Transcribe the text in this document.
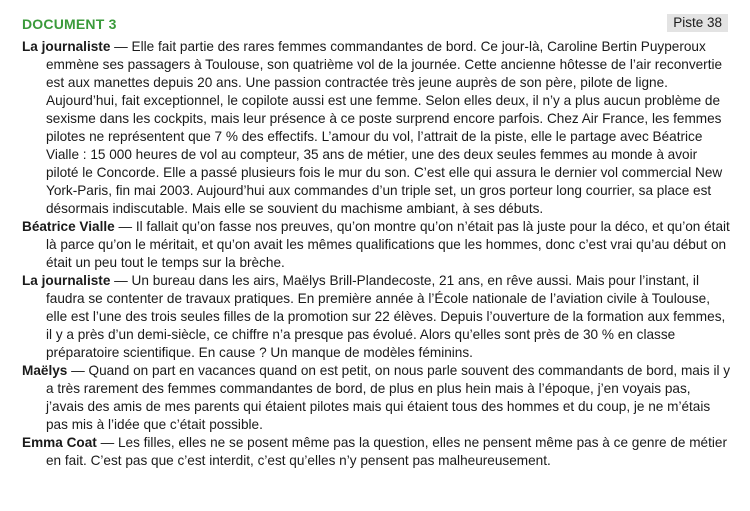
DOCUMENT 3	Piste 38

La journaliste — Elle fait partie des rares femmes commandantes de bord. Ce jour-là, Caroline Bertin Puyperoux emmène ses passagers à Toulouse, son quatrième vol de la journée. Cette ancienne hôtesse de l’air reconvertie est aux manettes depuis 20 ans. Une passion contractée très jeune auprès de son père, pilote de ligne. Aujourd’hui, fait exceptionnel, le copilote aussi est une femme. Selon elles deux, il n’y a plus aucun problème de sexisme dans les cockpits, mais leur présence à ce poste surprend encore parfois. Chez Air France, les femmes pilotes ne représentent que 7 % des effectifs. L’amour du vol, l’attrait de la piste, elle le partage avec Béatrice Vialle : 15 000 heures de vol au compteur, 35 ans de métier, une des deux seules femmes au monde à avoir piloté le Concorde. Elle a passé plusieurs fois le mur du son. C’est elle qui assura le dernier vol commercial New York-Paris, fin mai 2003. Aujourd’hui aux commandes d’un triple set, un gros porteur long courrier, sa place est désormais indiscutable. Mais elle se souvient du machisme ambiant, à ses débuts.

Béatrice Vialle — Il fallait qu’on fasse nos preuves, qu’on montre qu’on n’était pas là juste pour la déco, et qu’on était là parce qu’on le méritait, et qu’on avait les mêmes qualifications que les hommes, donc c’est vrai qu’au début on était un peu tout le temps sur la brèche.

La journaliste — Un bureau dans les airs, Maëlys Brill-Plandecoste, 21 ans, en rêve aussi. Mais pour l’instant, il faudra se contenter de travaux pratiques. En première année à l’École nationale de l’aviation civile à Toulouse, elle est l’une des trois seules filles de la promotion sur 22 élèves. Depuis l’ouverture de la formation aux femmes, il y a près d’un demi-siècle, ce chiffre n’a presque pas évolué. Alors qu’elles sont près de 30 % en classe préparatoire scientifique. En cause ? Un manque de modèles féminins.

Maëlys — Quand on part en vacances quand on est petit, on nous parle souvent des commandants de bord, mais il y a très rarement des femmes commandantes de bord, de plus en plus hein mais à l’époque, j’en voyais pas, j’avais des amis de mes parents qui étaient pilotes mais qui étaient tous des hommes et du coup, je ne m’étais pas mis à l’idée que c’était possible.

Emma Coat — Les filles, elles ne se posent même pas la question, elles ne pensent même pas à ce genre de métier en fait. C’est pas que c’est interdit, c’est qu’elles n’y pensent pas malheureusement.
